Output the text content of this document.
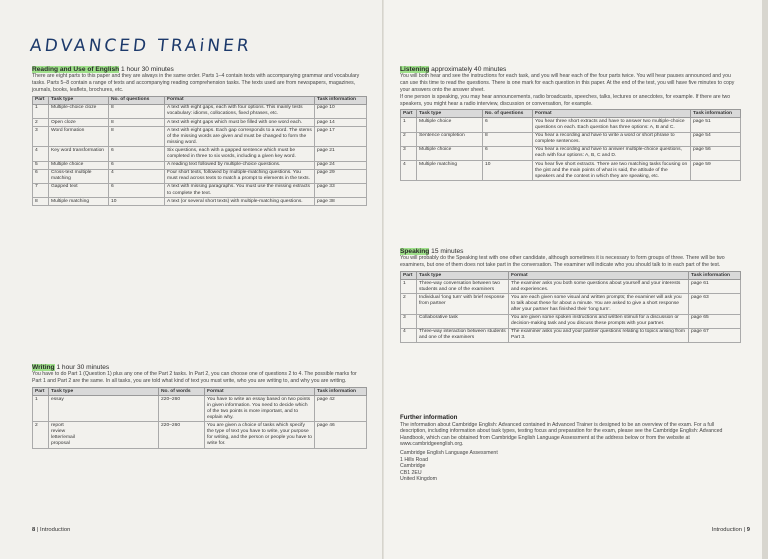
ADVANCED TRAiNER
Reading and Use of English 1 hour 30 minutes
There are eight parts to this paper and they are always in the same order. Parts 1–4 contain texts with accompanying grammar and vocabulary tasks. Parts 5–8 contain a range of texts and accompanying reading comprehension tasks. The texts used are from newspapers, magazines, journals, books, leaflets, brochures, etc.
Part	Task type	No. of questions	Format	Task information
1	Multiple-choice cloze	8	A text with eight gaps, each with four options. This mainly tests vocabulary: idioms, collocations, fixed phrases, etc.	page 10
2	Open cloze	8	A text with eight gaps which must be filled with one word each.	page 14
3	Word formation	8	A text with eight gaps. Each gap corresponds to a word. The stems of the missing words are given and must be changed to form the missing word.	page 17
4	Key word transformation	6	Six questions, each with a gapped sentence which must be completed in three to six words, including a given key word.	page 21
5	Multiple choice	6	A reading text followed by multiple-choice questions.	page 24
6	Cross-text multiple matching	4	Four short texts, followed by multiple-matching questions. You must read across texts to match a prompt to elements in the texts.	page 29
7	Gapped text	6	A text with missing paragraphs. You must use the missing extracts to complete the text.	page 33
8	Multiple matching	10	A text (or several short texts) with multiple-matching questions.	page 38
Writing 1 hour 30 minutes
You have to do Part 1 (Question 1) plus any one of the Part 2 tasks. In Part 2, you can choose one of questions 2 to 4. The possible marks for Part 1 and Part 2 are the same. In all tasks, you are told what kind of text you must write, who you are writing to, and why you are writing.
Part	Task type	No. of words	Format	Task information
1	essay	220–260	You have to write an essay based on two points in given information. You need to decide which of the two points is more important, and to explain why.	page 42
2	report
review
letter/email
proposal	220–260	You are given a choice of tasks which specify the type of text you have to write, your purpose for writing, and the person or people you have to write for.	page 46
8 | Introduction
Listening approximately 40 minutes
You will both hear and see the instructions for each task, and you will hear each of the four parts twice. You will hear pauses announced and you can use this time to read the questions. There is one mark for each question in this paper. At the end of the test, you will have five minutes to copy your answers onto the answer sheet.
If one person is speaking, you may hear announcements, radio broadcasts, speeches, talks, lectures or anecdotes, for example. If there are two speakers, you might hear a radio interview, discussion or conversation, for example.
Part	Task type	No. of questions	Format	Task information
1	Multiple choice	6	You hear three short extracts and have to answer two multiple-choice questions on each. Each question has three options: A, B and C.	page 51
2	Sentence completion	8	You hear a recording and have to write a word or short phrase to complete sentences.	page 54
3	Multiple choice	6	You hear a recording and have to answer multiple-choice questions, each with four options: A, B, C and D.	page 56
4	Multiple matching	10	You hear five short extracts. There are two matching tasks focusing on the gist and the main points of what is said, the attitude of the speakers and the context in which they are speaking, etc.	page 59
Speaking 15 minutes
You will probably do the Speaking test with one other candidate, although sometimes it is necessary to form groups of three. There will be two examiners, but one of them does not take part in the conversation. The examiner will indicate who you should talk to in each part of the test.
Part	Task type	Format	Task information
1	Three-way conversation between two students and one of the examiners	The examiner asks you both some questions about yourself and your interests and experiences.	page 61
2	Individual ‘long turn’ with brief response from partner	You are each given some visual and written prompts; the examiner will ask you to talk about these for about a minute. You are asked to give a short response after your partner has finished their ‘long turn’.	page 63
3	Collaborative task	You are given some spoken instructions and written stimuli for a discussion or decision-making task and you discuss these prompts with your partner.	page 65
4	Three-way interaction between students and one of the examiners	The examiner asks you and your partner questions relating to topics arising from Part 3.	page 67
Further information
The information about Cambridge English: Advanced contained in Advanced Trainer is designed to be an overview of the exam. For a full description, including information about task types, testing focus and preparation for the exam, please see the Cambridge English: Advanced Handbook, which can be obtained from Cambridge English Language Assessment at the address below or from the website at www.cambridgeenglish.org.
Cambridge English Language Assessment
1 Hills Road
Cambridge
CB1 2EU
United Kingdom
Introduction | 9
